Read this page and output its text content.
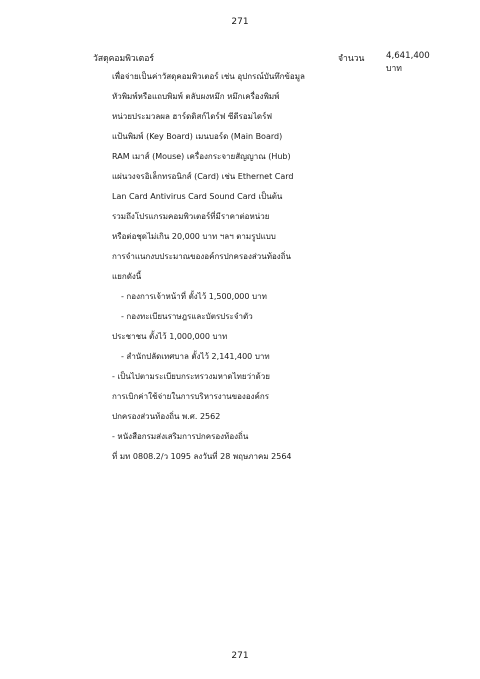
271
วัสดุคอมพิวเตอร์	จำนวน	4,641,400 บาท
เพื่อจ่ายเป็นค่าวัสดุคอมพิวเตอร์ เช่น อุปกรณ์บันทึกข้อมูล
หัวพิมพ์หรือแถบพิมพ์ ตลับผงหมึก หมึกเครื่องพิมพ์
หน่วยประมวลผล ฮาร์ดดิสก์ไดร์ฟ ซีดีรอมไดร์ฟ
แป้นพิมพ์ (Key Board) เมนบอร์ด (Main Board)
RAM เมาส์ (Mouse) เครื่องกระจายสัญญาณ (Hub)
แผ่นวงจรอิเล็กทรอนิกส์ (Card) เช่น Ethernet Card
Lan Card Antivirus Card Sound Card เป็นต้น
รวมถึงโปรแกรมคอมพิวเตอร์ที่มีราคาต่อหน่วย
หรือต่อชุดไม่เกิน 20,000 บาท ฯลฯ ตามรูปแบบ
การจำแนกงบประมาณของอค์กรปกครองส่วนท้องถิ่น
แยกดังนี้
- กองการเจ้าหน้าที่ ตั้งไว้ 1,500,000 บาท
- กองทะเบียนราษฎรและบัตรประจำตัว
ประชาชน ตั้งไว้ 1,000,000 บาท
- สำนักปลัดเทศบาล ตั้งไว้ 2,141,400 บาท
- เป็นไปตามระเบียบกระทรวงมหาดไทยว่าด้วย
การเบิกค่าใช้จ่ายในการบริหารงานขององค์กร
ปกครองส่วนท้องถิ่น พ.ศ. 2562
- หนังสือกรมส่งเสริมการปกครองท้องถิ่น
ที่ มท 0808.2/ว 1095 ลงวันที่ 28 พฤษภาคม 2564
271
